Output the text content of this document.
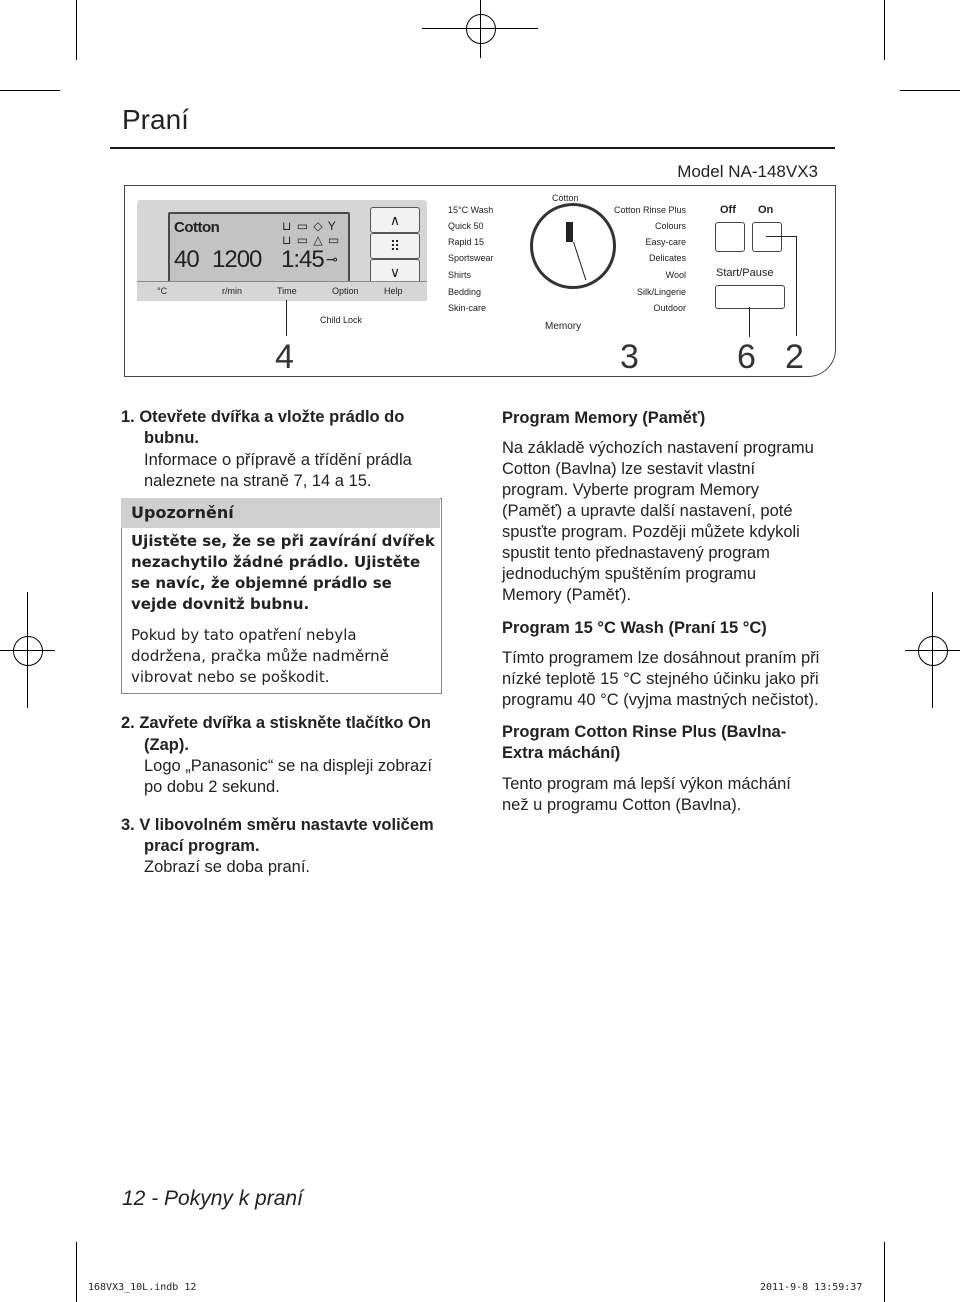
Praní
Model NA-148VX3
Cotton	⊔ ▭ ◇ Y
⊔ ▭ △ ▭
40 1200 1:45 ⊸
∧
⠿
∨
°C	r/min	Time	Option	Help
Child Lock
15°C Wash
Quick 50
Rapid 15
Sportswear
Shirts
Bedding
Skin-care
Cotton
Memory
Cotton Rinse Plus
Colours
Easy-care
Delicates
Wool
Silk/Lingerie
Outdoor
Off On
Start/Pause
4	3	6 2
1. Otevřete dvířka a vložte prádlo do
bubnu.
Informace o přípravě a třídění prádla
naleznete na straně 7, 14 a 15.
Upozornění
Ujistěte se, že se při zavírání dvířek
nezachytilo žádné prádlo. Ujistěte
se navíc, že objemné prádlo se
vejde dovnitž bubnu.
Pokud by tato opatření nebyla
dodržena, pračka může nadměrně
vibrovat nebo se poškodit.
2. Zavřete dvířka a stiskněte tlačítko On
(Zap).
Logo „Panasonic“ se na displeji zobrazí
po dobu 2 sekund.
3. V libovolném směru nastavte voličem
prací program.
Zobrazí se doba praní.
Program Memory (Paměť)
Na základě výchozích nastavení programu
Cotton (Bavlna) lze sestavit vlastní
program. Vyberte program Memory
(Paměť) a upravte další nastavení, poté
spusťte program. Později můžete kdykoli
spustit tento přednastavený program
jednoduchým spuštěním programu
Memory (Paměť).
Program 15 °C Wash (Praní 15 °C)
Tímto programem lze dosáhnout praním při
nízké teplotě 15 °C stejného účinku jako při
programu 40 °C (vyjma mastných nečistot).
Program Cotton Rinse Plus (Bavlna-
Extra máchání)
Tento program má lepší výkon máchání
než u programu Cotton (Bavlna).
12 - Pokyny k praní
168VX3_10L.indb 12	2011-9-8 13:59:37
